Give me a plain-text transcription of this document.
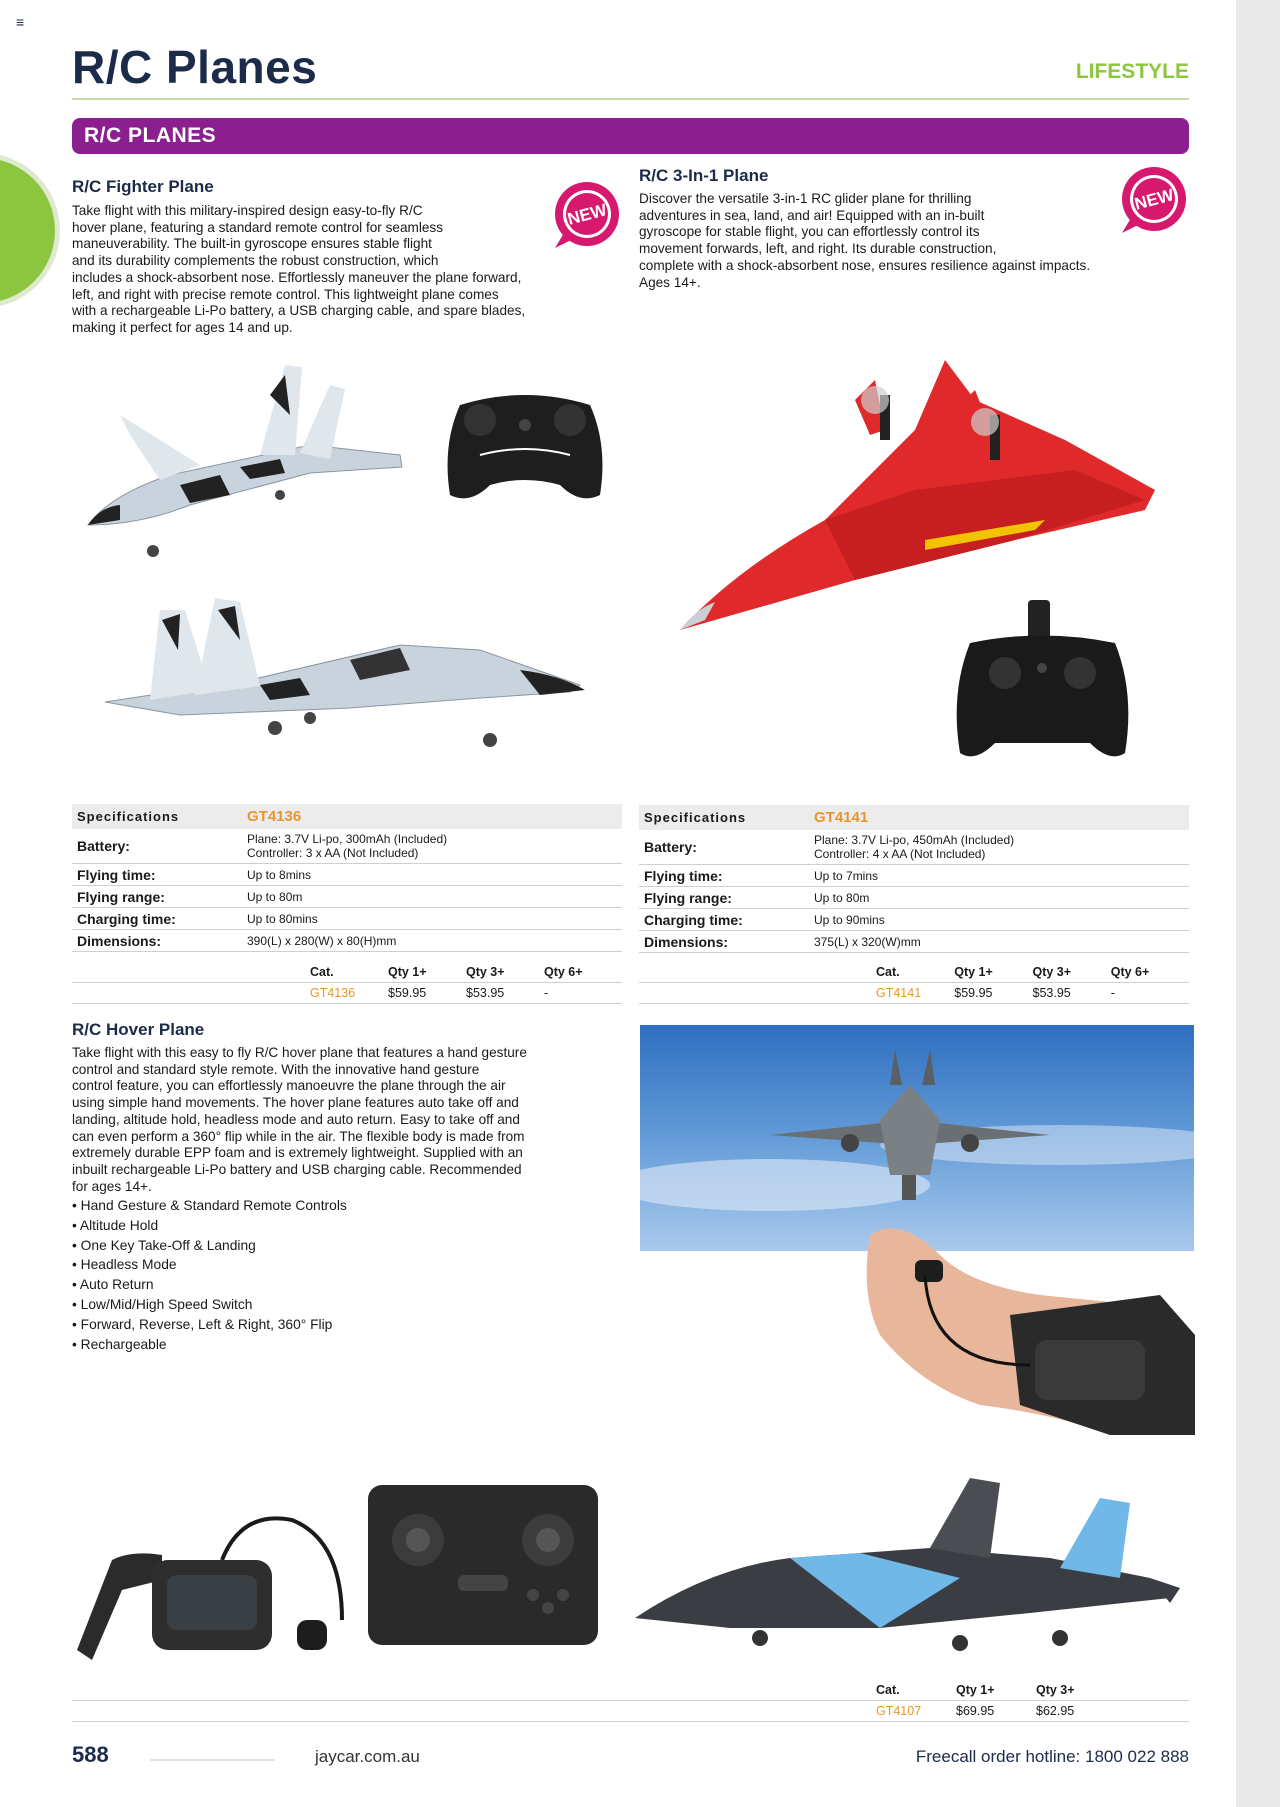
≡
R/C Planes	LIFESTYLE
R/C PLANES
R/C Fighter Plane
Take flight with this military-inspired design easy-to-fly R/C
hover plane, featuring a standard remote control for seamless
maneuverability. The built-in gyroscope ensures stable flight
and its durability complements the robust construction, which
includes a shock-absorbent nose. Effortlessly maneuver the plane forward,
left, and right with precise remote control. This lightweight plane comes
with a rechargeable Li-Po battery, a USB charging cable, and spare blades,
making it perfect for ages 14 and up.
NEW
Specifications	GT4136
Battery:	Plane: 3.7V Li-po, 300mAh (Included)
Controller: 3 x AA (Not Included)
Flying time:	Up to 8mins
Flying range:	Up to 80m
Charging time:	Up to 80mins
Dimensions:	390(L) x 280(W) x 80(H)mm
Cat.	Qty 1+	Qty 3+	Qty 6+
GT4136	$59.95	$53.95	-
R/C 3-In-1 Plane
Discover the versatile 3-in-1 RC glider plane for thrilling
adventures in sea, land, and air! Equipped with an in-built
gyroscope for stable flight, you can effortlessly control its
movement forwards, left, and right. Its durable construction,
complete with a shock-absorbent nose, ensures resilience against impacts.
Ages 14+.
NEW
Specifications	GT4141
Battery:	Plane: 3.7V Li-po, 450mAh (Included)
Controller: 4 x AA (Not Included)
Flying time:	Up to 7mins
Flying range:	Up to 80m
Charging time:	Up to 90mins
Dimensions:	375(L) x 320(W)mm
Cat.	Qty 1+	Qty 3+	Qty 6+
GT4141	$59.95	$53.95	-
R/C Hover Plane
Take flight with this easy to fly R/C hover plane that features a hand gesture
control and standard style remote. With the innovative hand gesture
control feature, you can effortlessly manoeuvre the plane through the air
using simple hand movements. The hover plane features auto take off and
landing, altitude hold, headless mode and auto return. Easy to take off and
can even perform a 360° flip while in the air. The flexible body is made from
extremely durable EPP foam and is extremely lightweight. Supplied with an
inbuilt rechargeable Li-Po battery and USB charging cable. Recommended
for ages 14+.
• Hand Gesture & Standard Remote Controls
• Altitude Hold
• One Key Take-Off & Landing
• Headless Mode
• Auto Return
• Low/Mid/High Speed Switch
• Forward, Reverse, Left & Right, 360° Flip
• Rechargeable
Cat.	Qty 1+	Qty 3+
GT4107	$69.95	$62.95
588	jaycar.com.au	Freecall order hotline: 1800 022 888
